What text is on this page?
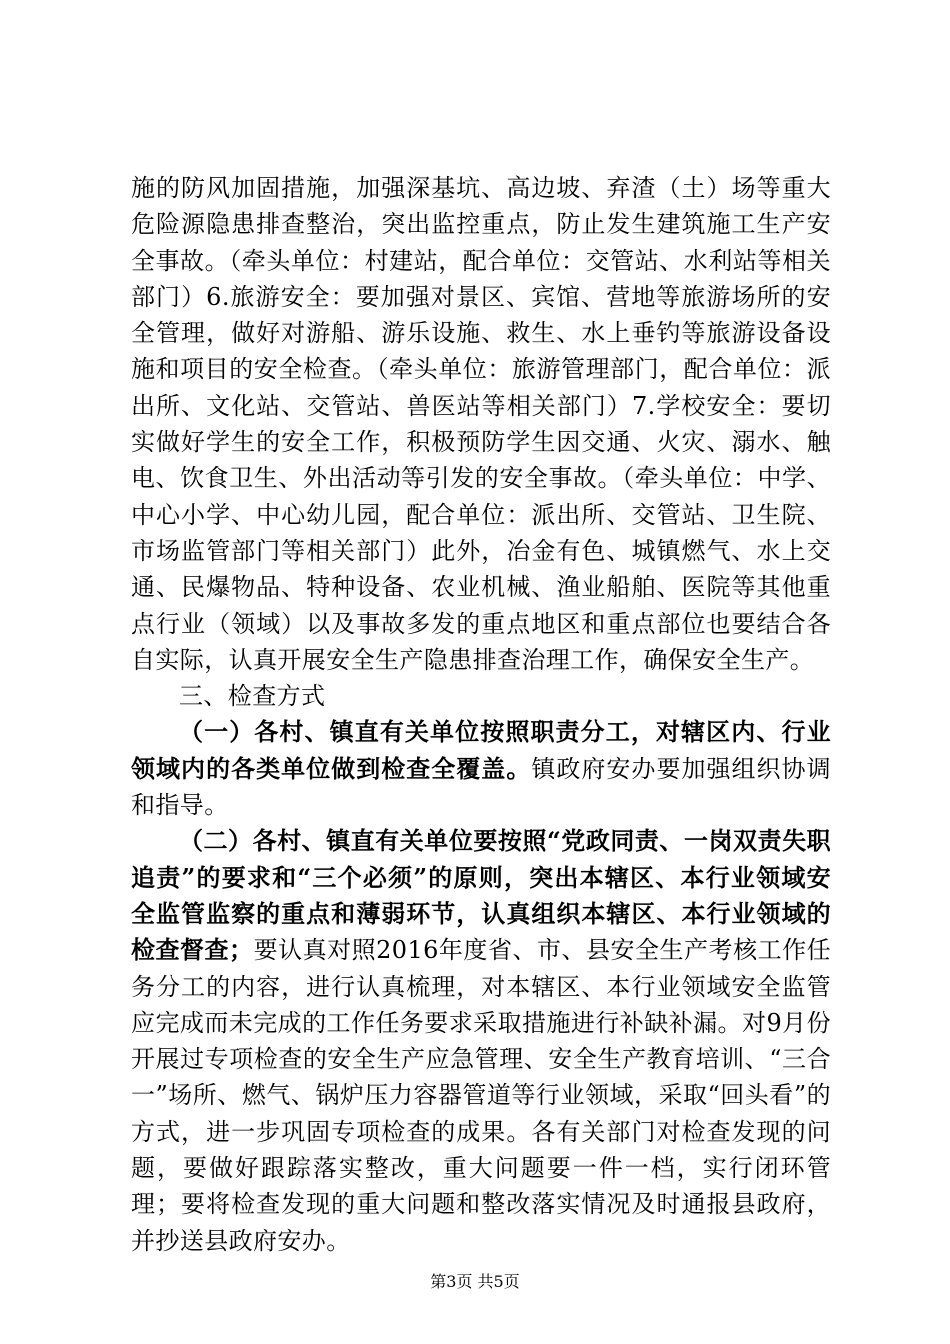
施的防风加固措施，加强深基坑、高边坡、弃渣（土）场等重大危险源隐患排查整治，突出监控重点，防止发生建筑施工生产安全事故。（牵头单位：村建站，配合单位：交管站、水利站等相关部门）6.旅游安全：要加强对景区、宾馆、营地等旅游场所的安全管理，做好对游船、游乐设施、救生、水上垂钓等旅游设备设施和项目的安全检查。（牵头单位：旅游管理部门，配合单位：派出所、文化站、交管站、兽医站等相关部门）7.学校安全：要切实做好学生的安全工作，积极预防学生因交通、火灾、溺水、触电、饮食卫生、外出活动等引发的安全事故。（牵头单位：中学、中心小学、中心幼儿园，配合单位：派出所、交管站、卫生院、市场监管部门等相关部门）此外，冶金有色、城镇燃气、水上交通、民爆物品、特种设备、农业机械、渔业船舶、医院等其他重点行业（领域）以及事故多发的重点地区和重点部位也要结合各自实际，认真开展安全生产隐患排查治理工作，确保安全生产。

三、检查方式

（一）各村、镇直有关单位按照职责分工，对辖区内、行业领域内的各类单位做到检查全覆盖。镇政府安办要加强组织协调和指导。

（二）各村、镇直有关单位要按照“党政同责、一岗双责失职追责”的要求和“三个必须”的原则，突出本辖区、本行业领域安全监管监察的重点和薄弱环节，认真组织本辖区、本行业领域的检查督查；要认真对照2016年度省、市、县安全生产考核工作任务分工的内容，进行认真梳理，对本辖区、本行业领域安全监管应完成而未完成的工作任务要求采取措施进行补缺补漏。对9月份开展过专项检查的安全生产应急管理、安全生产教育培训、“三合一”场所、燃气、锅炉压力容器管道等行业领域，采取“回头看”的方式，进一步巩固专项检查的成果。各有关部门对检查发现的问题，要做好跟踪落实整改，重大问题要一件一档，实行闭环管理；要将检查发现的重大问题和整改落实情况及时通报县政府，并抄送县政府安办。

第3页 共5页
